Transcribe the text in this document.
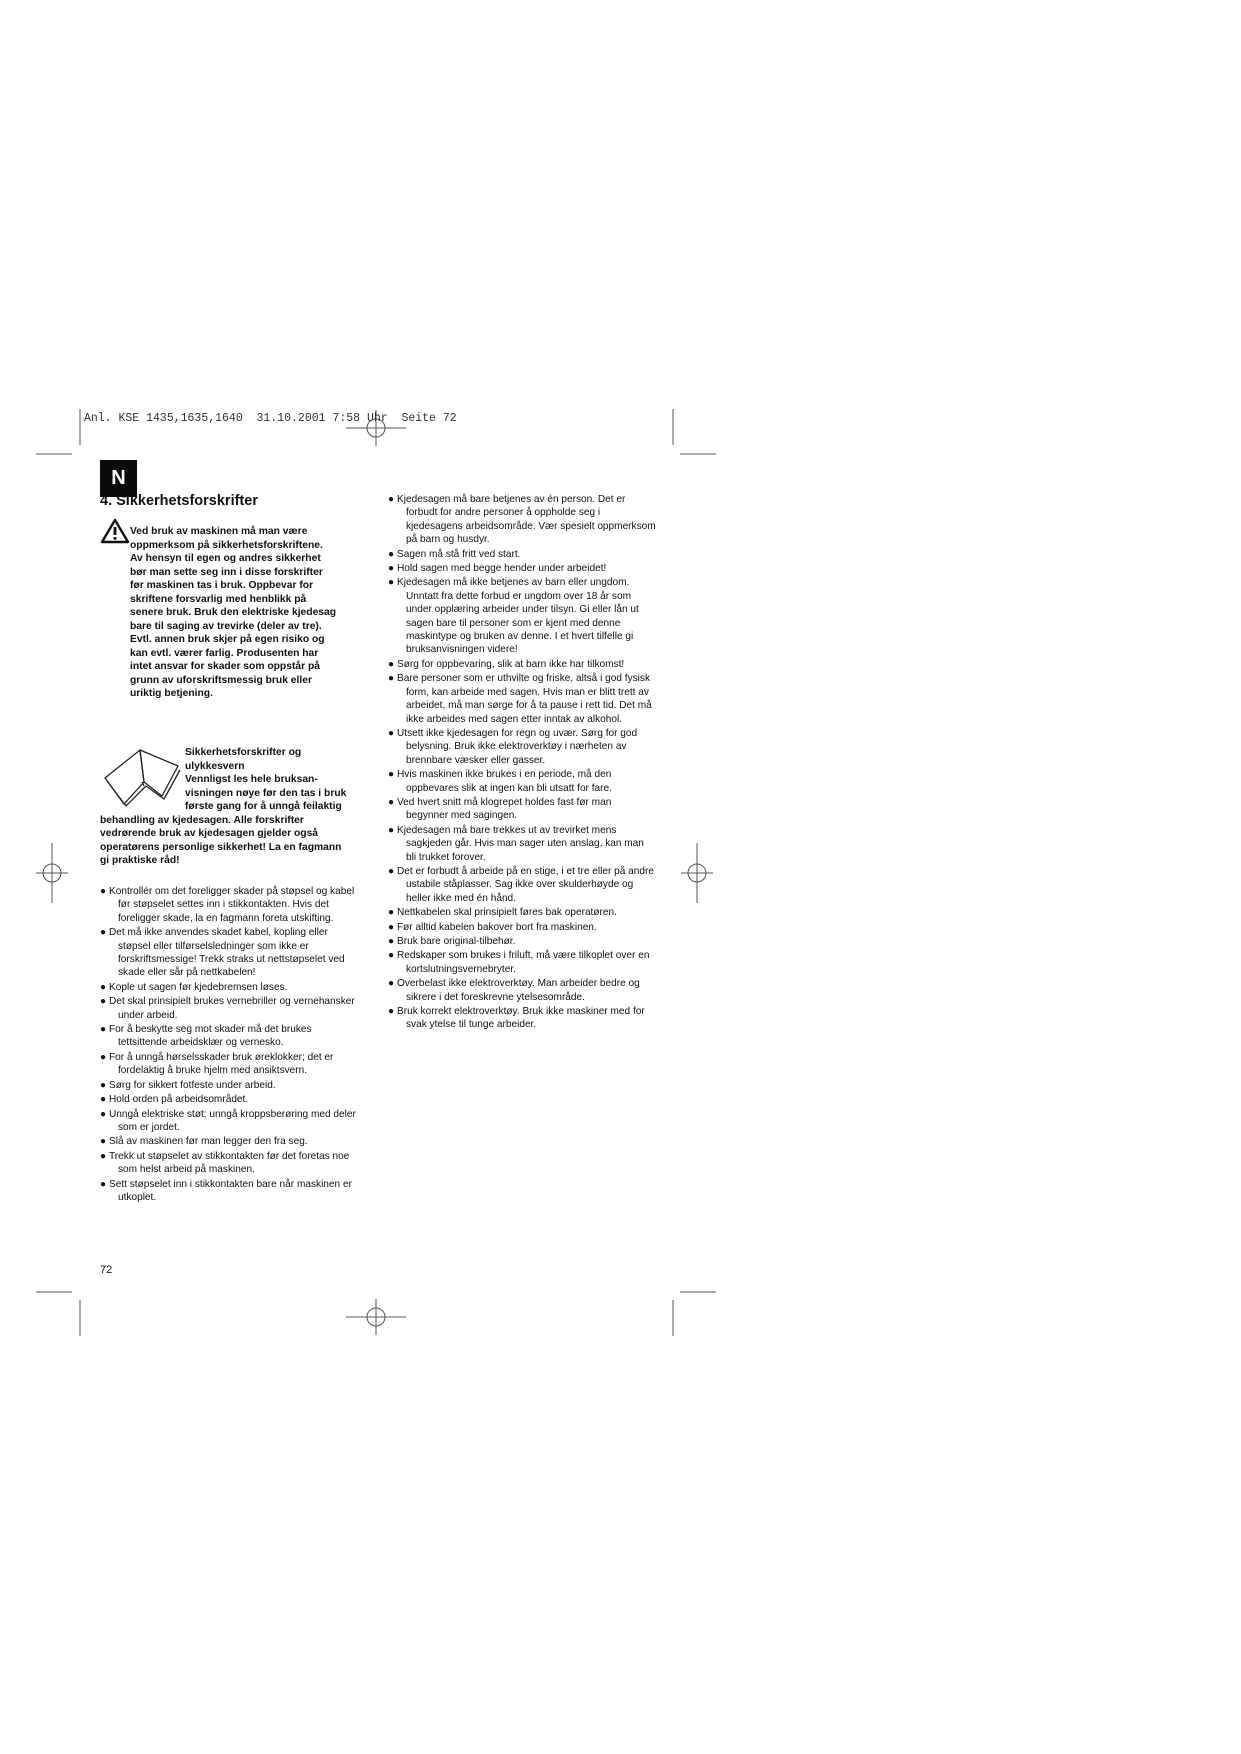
Anl. KSE 1435,1635,1640  31.10.2001 7:58 Uhr  Seite 72
N
4. Sikkerhetsforskrifter
Ved bruk av maskinen må man være
oppmerksom på sikkerhetsforskriftene.
Av hensyn til egen og andres sikkerhet
bør man sette seg inn i disse forskrifter
før maskinen tas i bruk. Oppbevar for
skriftene forsvarlig med henblikk på
senere bruk. Bruk den elektriske kjedesag
bare til saging av trevirke (deler av tre).
Evtl. annen bruk skjer på egen risiko og
kan evtl. værer farlig. Produsenten har
intet ansvar for skader som oppstår på
grunn av uforskriftsmessig bruk eller
uriktig betjening.
Sikkerhetsforskrifter og
ulykkesvern
Vennligst les hele bruksan-
visningen nøye før den tas i bruk
første gang for å unngå feilaktig
behandling av kjedesagen. Alle forskrifter
vedrørende bruk av kjedesagen gjelder også
operatørens personlige sikkerhet! La en fagmann
gi praktiske råd!
● Kontrollér om det foreligger skader på støpsel og kabel før støpselet settes inn i stikkontakten. Hvis det foreligger skade, la en fagmann foreta utskifting.
● Det må ikke anvendes skadet kabel, kopling eller støpsel eller tilførselsledninger som ikke er forskriftsmessige! Trekk straks ut nettstøpselet ved skade eller sår på nettkabelen!
● Kople ut sagen før kjedebremsen løses.
● Det skal prinsipielt brukes vernebriller og vernehansker under arbeid.
● For å beskytte seg mot skader må det brukes tettsittende arbeidsklær og vernesko.
● For å unngå hørselsskader bruk øreklokker; det er fordelaktig å bruke hjelm med ansiktsvern.
● Sørg for sikkert fotfeste under arbeid.
● Hold orden på arbeidsområdet.
● Unngå elektriske støt; unngå kroppsberøring med deler som er jordet.
● Slå av maskinen før man legger den fra seg.
● Trekk ut støpselet av stikkontakten før det foretas noe som helst arbeid på maskinen.
● Sett støpselet inn i stikkontakten bare når maskinen er utkoplet.
● Kjedesagen må bare betjenes av én person. Det er forbudt for andre personer å oppholde seg i kjedesagens arbeidsområde. Vær spesielt oppmerksom på barn og husdyr.
● Sagen må stå fritt ved start.
● Hold sagen med begge hender under arbeidet!
● Kjedesagen må ikke betjenes av barn eller ungdom. Unntatt fra dette forbud er ungdom over 18 år som under opplæring arbeider under tilsyn. Gi eller lån ut sagen bare til personer som er kjent med denne maskintype og bruken av denne. I et hvert tilfelle gi bruksanvisningen videre!
● Sørg for oppbevaring, slik at barn ikke har tilkomst!
● Bare personer som er uthvilte og friske, altså i god fysisk form, kan arbeide med sagen. Hvis man er blitt trett av arbeidet, må man sørge for å ta pause i rett tid. Det må ikke arbeides med sagen etter inntak av alkohol.
● Utsett ikke kjedesagen for regn og uvær. Sørg for god belysning. Bruk ikke elektroverktøy i nærheten av brennbare væsker eller gasser.
● Hvis maskinen ikke brukes i en periode, må den oppbevares slik at ingen kan bli utsatt for fare.
● Ved hvert snitt må klogrepet holdes fast før man begynner med sagingen.
● Kjedesagen må bare trekkes ut av trevirket mens sagkjeden går. Hvis man sager uten anslag, kan man bli trukket forover.
● Det er forbudt å arbeide på en stige, i et tre eller på andre ustabile ståplasser. Sag ikke over skulderhøyde og heller ikke med én hånd.
● Nettkabelen skal prinsipielt føres bak operatøren.
● Før alltid kabelen bakover bort fra maskinen.
● Bruk bare original-tilbehør.
● Redskaper som brukes i friluft, må være tilkoplet over en kortslutningsvernebryter.
● Overbelast ikke elektroverktøy. Man arbeider bedre og sikrere i det foreskrevne ytelsesområde.
● Bruk korrekt elektroverktøy. Bruk ikke maskiner med for svak ytelse til tunge arbeider.
72
